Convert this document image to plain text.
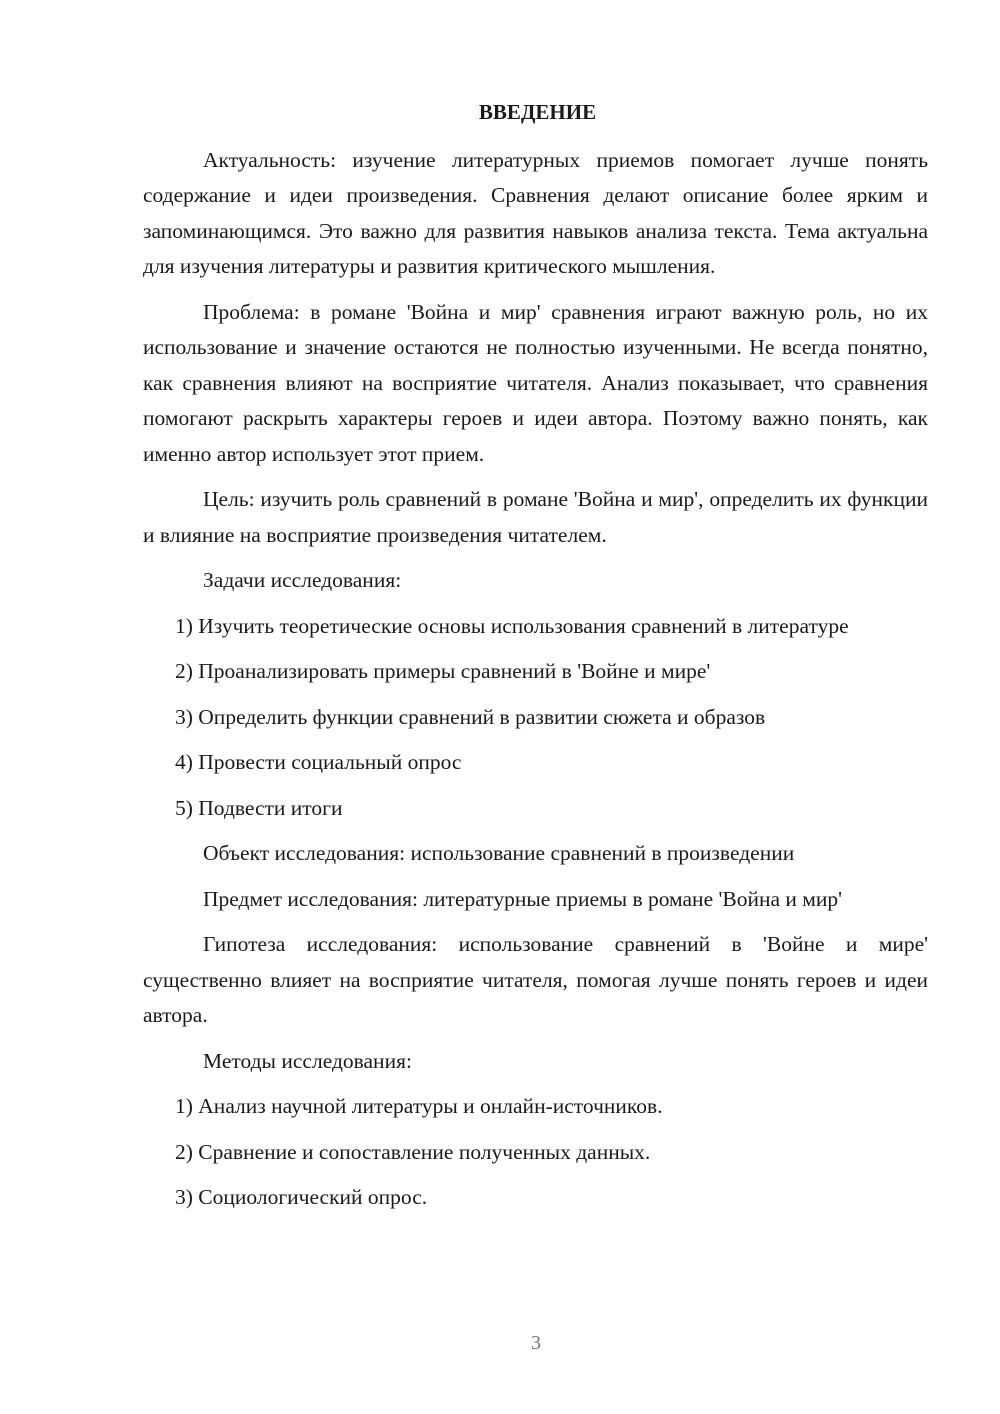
ВВЕДЕНИЕ

Актуальность: изучение литературных приемов помогает лучше понять содержание и идеи произведения. Сравнения делают описание более ярким и запоминающимся. Это важно для развития навыков анализа текста. Тема актуальна для изучения литературы и развития критического мышления.

Проблема: в романе 'Война и мир' сравнения играют важную роль, но их использование и значение остаются не полностью изученными. Не всегда понятно, как сравнения влияют на восприятие читателя. Анализ показывает, что сравнения помогают раскрыть характеры героев и идеи автора. Поэтому важно понять, как именно автор использует этот прием.

Цель: изучить роль сравнений в романе 'Война и мир', определить их функции и влияние на восприятие произведения читателем.

Задачи исследования:

1) Изучить теоретические основы использования сравнений в литературе

2) Проанализировать примеры сравнений в 'Войне и мире'

3) Определить функции сравнений в развитии сюжета и образов

4) Провести социальный опрос

5) Подвести итоги

Объект исследования: использование сравнений в произведении

Предмет исследования: литературные приемы в романе 'Война и мир'

Гипотеза исследования: использование сравнений в 'Войне и мире' существенно влияет на восприятие читателя, помогая лучше понять героев и идеи автора.

Методы исследования:

1) Анализ научной литературы и онлайн-источников.

2) Сравнение и сопоставление полученных данных.

3) Социологический опрос.

3
